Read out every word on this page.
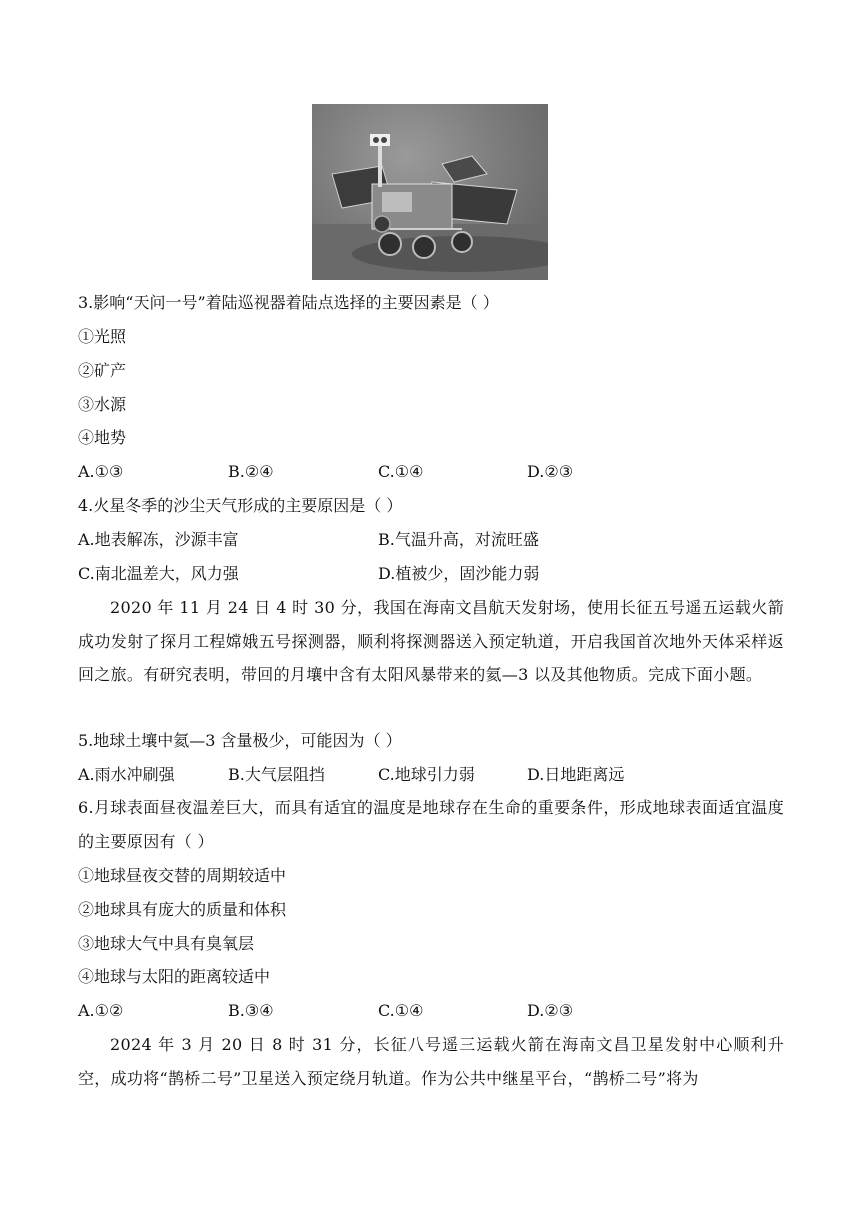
3.影响“天问一号”着陆巡视器着陆点选择的主要因素是（ ）
①光照
②矿产
③水源
④地势
A.①③	B.②④	C.①④	D.②③
4.火星冬季的沙尘天气形成的主要原因是（ ）
A.地表解冻，沙源丰富	B.气温升高，对流旺盛
C.南北温差大，风力强	D.植被少，固沙能力弱
2020 年 11 月 24 日 4 时 30 分，我国在海南文昌航天发射场，使用长征五号遥五运载火箭成功发射了探月工程嫦娥五号探测器，顺利将探测器送入预定轨道，开启我国首次地外天体采样返回之旅。有研究表明，带回的月壤中含有太阳风暴带来的氦—3 以及其他物质。完成下面小题。
5.地球土壤中氦—3 含量极少，可能因为（ ）
A.雨水冲刷强	B.大气层阻挡	C.地球引力弱	D.日地距离远
6.月球表面昼夜温差巨大，而具有适宜的温度是地球存在生命的重要条件，形成地球表面适宜温度的主要原因有（ ）
①地球昼夜交替的周期较适中
②地球具有庞大的质量和体积
③地球大气中具有臭氧层
④地球与太阳的距离较适中
A.①②	B.③④	C.①④	D.②③
2024 年 3 月 20 日 8 时 31 分，长征八号遥三运载火箭在海南文昌卫星发射中心顺利升空，成功将“鹊桥二号”卫星送入预定绕月轨道。作为公共中继星平台，“鹊桥二号”将为
